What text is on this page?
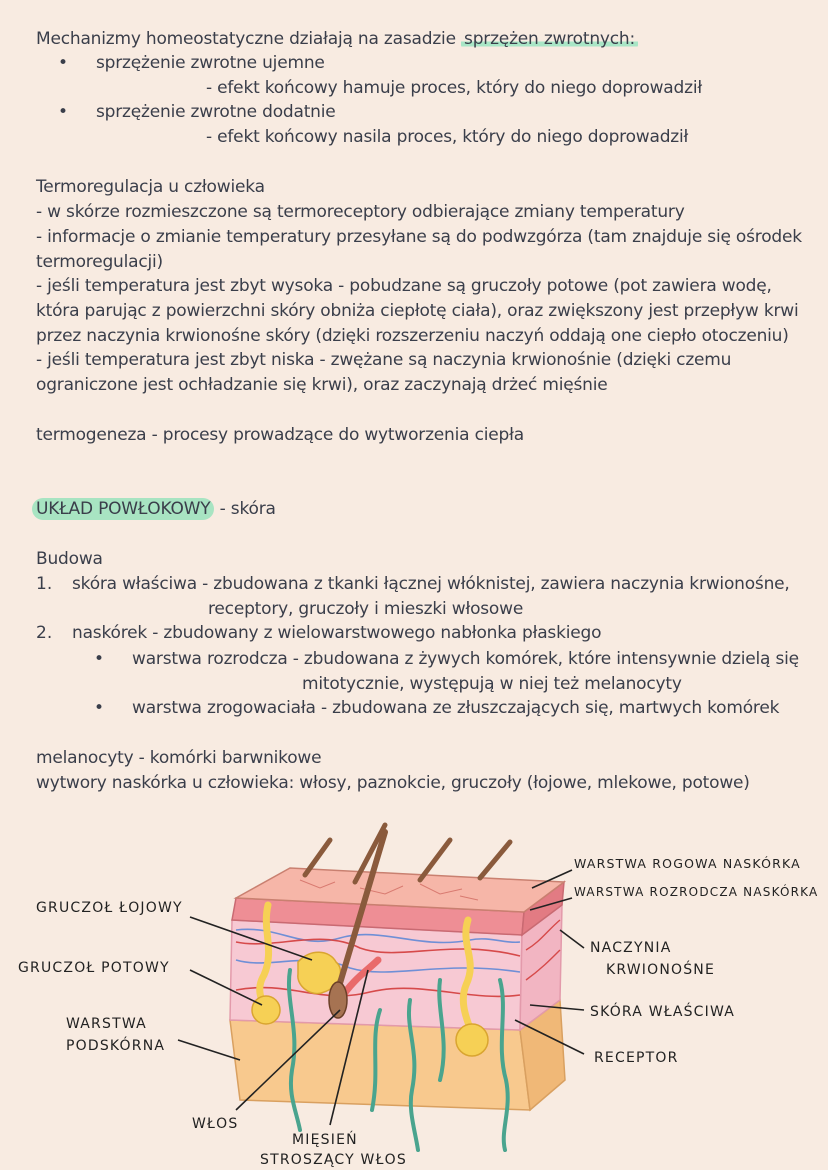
Mechanizmy homeostatyczne działają na zasadzie sprzężen zwrotnych:
• sprzężenie zwrotne ujemne
- efekt końcowy hamuje proces, który do niego doprowadził
• sprzężenie zwrotne dodatnie
- efekt końcowy nasila proces, który do niego doprowadził
Termoregulacja u człowieka
- w skórze rozmieszczone są termoreceptory odbierające zmiany temperatury
- informacje o zmianie temperatury przesyłane są do podwzgórza (tam znajduje się ośrodek
termoregulacji)
- jeśli temperatura jest zbyt wysoka - pobudzane są gruczoły potowe (pot zawiera wodę,
która parując z powierzchni skóry obniża ciepłotę ciała), oraz zwiększony jest przepływ krwi
przez naczynia krwionośne skóry (dzięki rozszerzeniu naczyń oddają one ciepło otoczeniu)
- jeśli temperatura jest zbyt niska - zwężane są naczynia krwionośnie (dzięki czemu
ograniczone jest ochładzanie się krwi), oraz zaczynają drżeć mięśnie
termogeneza - procesy prowadzące do wytworzenia ciepła
UKŁAD POWŁOKOWY - skóra
Budowa
1. skóra właściwa - zbudowana z tkanki łącznej włóknistej, zawiera naczynia krwionośne,
receptory, gruczoły i mieszki włosowe
2. naskórek - zbudowany z wielowarstwowego nabłonka płaskiego
• warstwa rozrodcza - zbudowana z żywych komórek, które intensywnie dzielą się
mitotycznie, występują w niej też melanocyty
• warstwa zrogowaciała - zbudowana ze złuszczających się, martwych komórek
melanocyty - komórki barwnikowe
wytwory naskórka u człowieka: włosy, paznokcie, gruczoły (łojowe, mlekowe, potowe)
GRUCZOŁ ŁOJOWY
GRUCZOŁ POTOWY
WARSTWA
PODSKÓRNA
WŁOS
MIĘSIEŃ
STROSZĄCY WŁOS
WARSTWA ROGOWA NASKÓRKA
WARSTWA ROZRODCZA NASKÓRKA
NACZYNIA
KRWIONOŚNE
SKÓRA WŁAŚCIWA
RECEPTOR
